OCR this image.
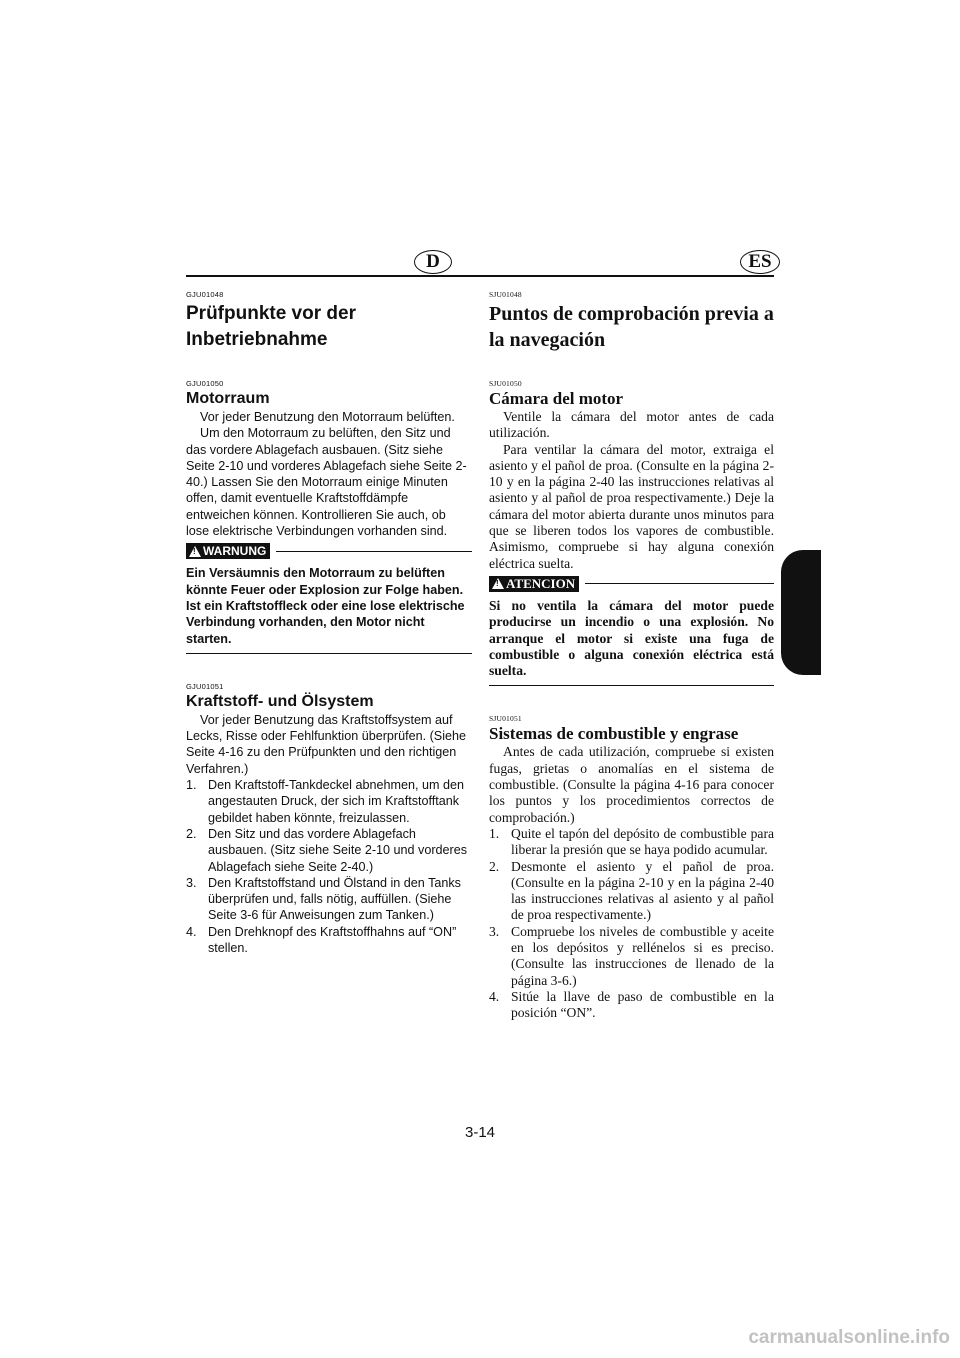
D	ES
GJU01048
Prüfpunkte vor der Inbetriebnahme
GJU01050
Motorraum

Vor jeder Benutzung den Motorraum belüften.

Um den Motorraum zu belüften, den Sitz und das vordere Ablagefach ausbauen. (Sitz siehe Seite 2-10 und vorderes Ablagefach siehe Seite 2-40.) Lassen Sie den Motorraum einige Minuten offen, damit eventuelle Kraftstoffdämpfe entweichen können. Kontrollieren Sie auch, ob lose elektrische Verbindungen vorhanden sind.

!
WARNUNG

Ein Versäumnis den Motorraum zu belüften könnte Feuer oder Explosion zur Folge haben. Ist ein Kraftstoffleck oder eine lose elektrische Verbindung vorhanden, den Motor nicht starten.

GJU01051
Kraftstoff- und Ölsystem

Vor jeder Benutzung das Kraftstoffsystem auf Lecks, Risse oder Fehlfunktion überprüfen. (Siehe Seite 4-16 zu den Prüfpunkten und den richtigen Verfahren.)

1. Den Kraftstoff-Tankdeckel abnehmen, um den angestauten Druck, der sich im Kraftstofftank gebildet haben könnte, freizulassen.
2. Den Sitz und das vordere Ablagefach ausbauen. (Sitz siehe Seite 2-10 und vorderes Ablagefach siehe Seite 2-40.)
3. Den Kraftstoffstand und Ölstand in den Tanks überprüfen und, falls nötig, auffüllen. (Siehe Seite 3-6 für Anweisungen zum Tanken.)
4. Den Drehknopf des Kraftstoffhahns auf “ON” stellen.
SJU01048
Puntos de comprobación previa a la navegación
SJU01050
Cámara del motor

Ventile la cámara del motor antes de cada utilización.

Para ventilar la cámara del motor, extraiga el asiento y el pañol de proa. (Consulte en la página 2-10 y en la página 2-40 las instrucciones relativas al asiento y al pañol de proa respectivamente.) Deje la cámara del motor abierta durante unos minutos para que se liberen todos los vapores de combustible. Asimismo, compruebe si hay alguna conexión eléctrica suelta.

!
ATENCION

Si no ventila la cámara del motor puede producirse un incendio o una explosión. No arranque el motor si existe una fuga de combustible o alguna conexión eléctrica está suelta.

SJU01051
Sistemas de combustible y engrase

Antes de cada utilización, compruebe si existen fugas, grietas o anomalías en el sistema de combustible. (Consulte la página 4-16 para conocer los puntos y los procedimientos correctos de comprobación.)

1. Quite el tapón del depósito de combustible para liberar la presión que se haya podido acumular.
2. Desmonte el asiento y el pañol de proa. (Consulte en la página 2-10 y en la página 2-40 las instrucciones relativas al asiento y al pañol de proa respectivamente.)
3. Compruebe los niveles de combustible y aceite en los depósitos y rellénelos si es preciso. (Consulte las instrucciones de llenado de la página 3-6.)
4. Sitúe la llave de paso de combustible en la posición “ON”.
3-14
carmanualsonline.info
